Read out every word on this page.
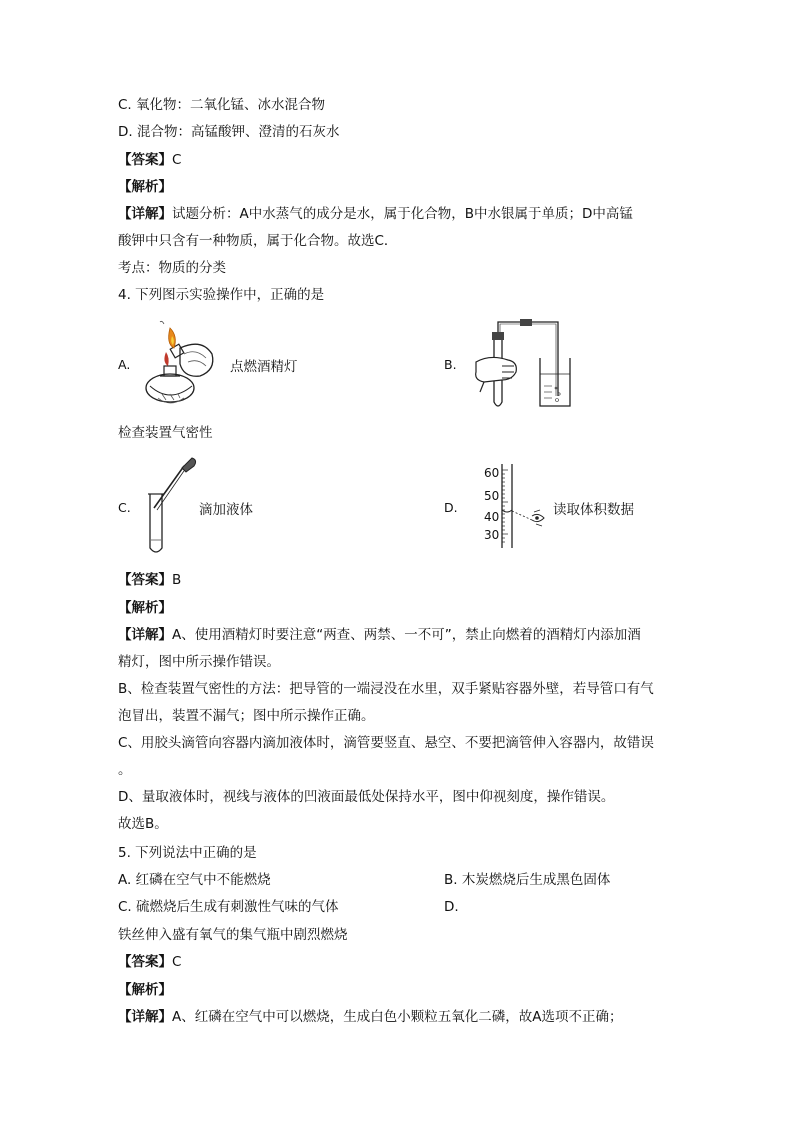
C. 氧化物：二氧化锰、冰水混合物
D. 混合物：高锰酸钾、澄清的石灰水
【答案】C
【解析】
【详解】试题分析：A中水蒸气的成分是水，属于化合物，B中水银属于单质；D中高锰
酸钾中只含有一种物质，属于化合物。故选C．
考点：物质的分类
4. 下列图示实验操作中，正确的是
A.	点燃酒精灯	B.
检查装置气密性
C.	滴加液体	D.
60
50
40
30
读取体积数据
【答案】B
【解析】
【详解】A、使用酒精灯时要注意“两查、两禁、一不可”，禁止向燃着的酒精灯内添加酒
精灯，图中所示操作错误。
B、检查装置气密性的方法：把导管的一端浸没在水里，双手紧贴容器外壁，若导管口有气
泡冒出，装置不漏气；图中所示操作正确。
C、用胶头滴管向容器内滴加液体时，滴管要竖直、悬空、不要把滴管伸入容器内，故错误
。
D、量取液体时，视线与液体的凹液面最低处保持水平，图中仰视刻度，操作错误。
故选B。
5. 下列说法中正确的是
A. 红磷在空气中不能燃烧	B. 木炭燃烧后生成黑色固体
C. 硫燃烧后生成有刺激性气味的气体	D.
铁丝伸入盛有氧气的集气瓶中剧烈燃烧
【答案】C
【解析】
【详解】A、红磷在空气中可以燃烧，生成白色小颗粒五氧化二磷，故A选项不正确；
